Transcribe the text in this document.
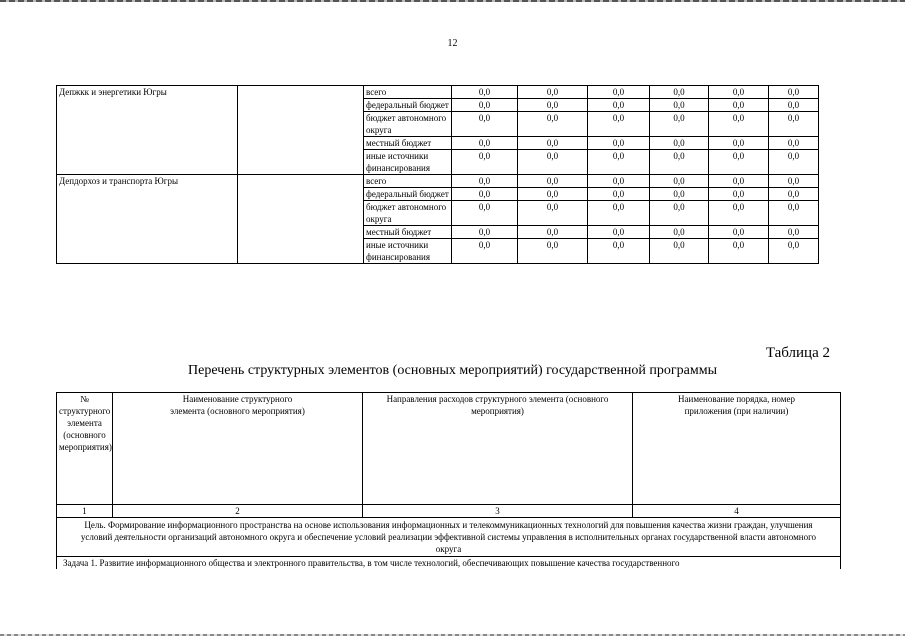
12
Депжкк и энергетики Югры		всего	0,0	0,0	0,0	0,0	0,0	0,0
		федеральный бюджет	0,0	0,0	0,0	0,0	0,0	0,0
		бюджет автономного округа	0,0	0,0	0,0	0,0	0,0	0,0
		местный бюджет	0,0	0,0	0,0	0,0	0,0	0,0
		иные источники финансирования	0,0	0,0	0,0	0,0	0,0	0,0
Депдорхоз и транспорта Югры		всего	0,0	0,0	0,0	0,0	0,0	0,0
		федеральный бюджет	0,0	0,0	0,0	0,0	0,0	0,0
		бюджет автономного округа	0,0	0,0	0,0	0,0	0,0	0,0
		местный бюджет	0,0	0,0	0,0	0,0	0,0	0,0
		иные источники финансирования	0,0	0,0	0,0	0,0	0,0	0,0
Таблица 2
Перечень структурных элементов (основных мероприятий) государственной программы
№ структурного элемента (основного мероприятия)	Наименование структурного элемента (основного мероприятия)	Направления расходов структурного элемента (основного мероприятия)	Наименование порядка, номер приложения (при наличии)
1	2	3	4
Цель. Формирование информационного пространства на основе использования информационных и телекоммуникационных технологий для повышения качества жизни граждан, улучшения условий деятельности организаций автономного округа и обеспечение условий реализации эффективной системы управления в исполнительных органах государственной власти автономного округа			
Задача 1. Развитие информационного общества и электронного правительства, в том числе технологий, обеспечивающих повышение качества государственного			
